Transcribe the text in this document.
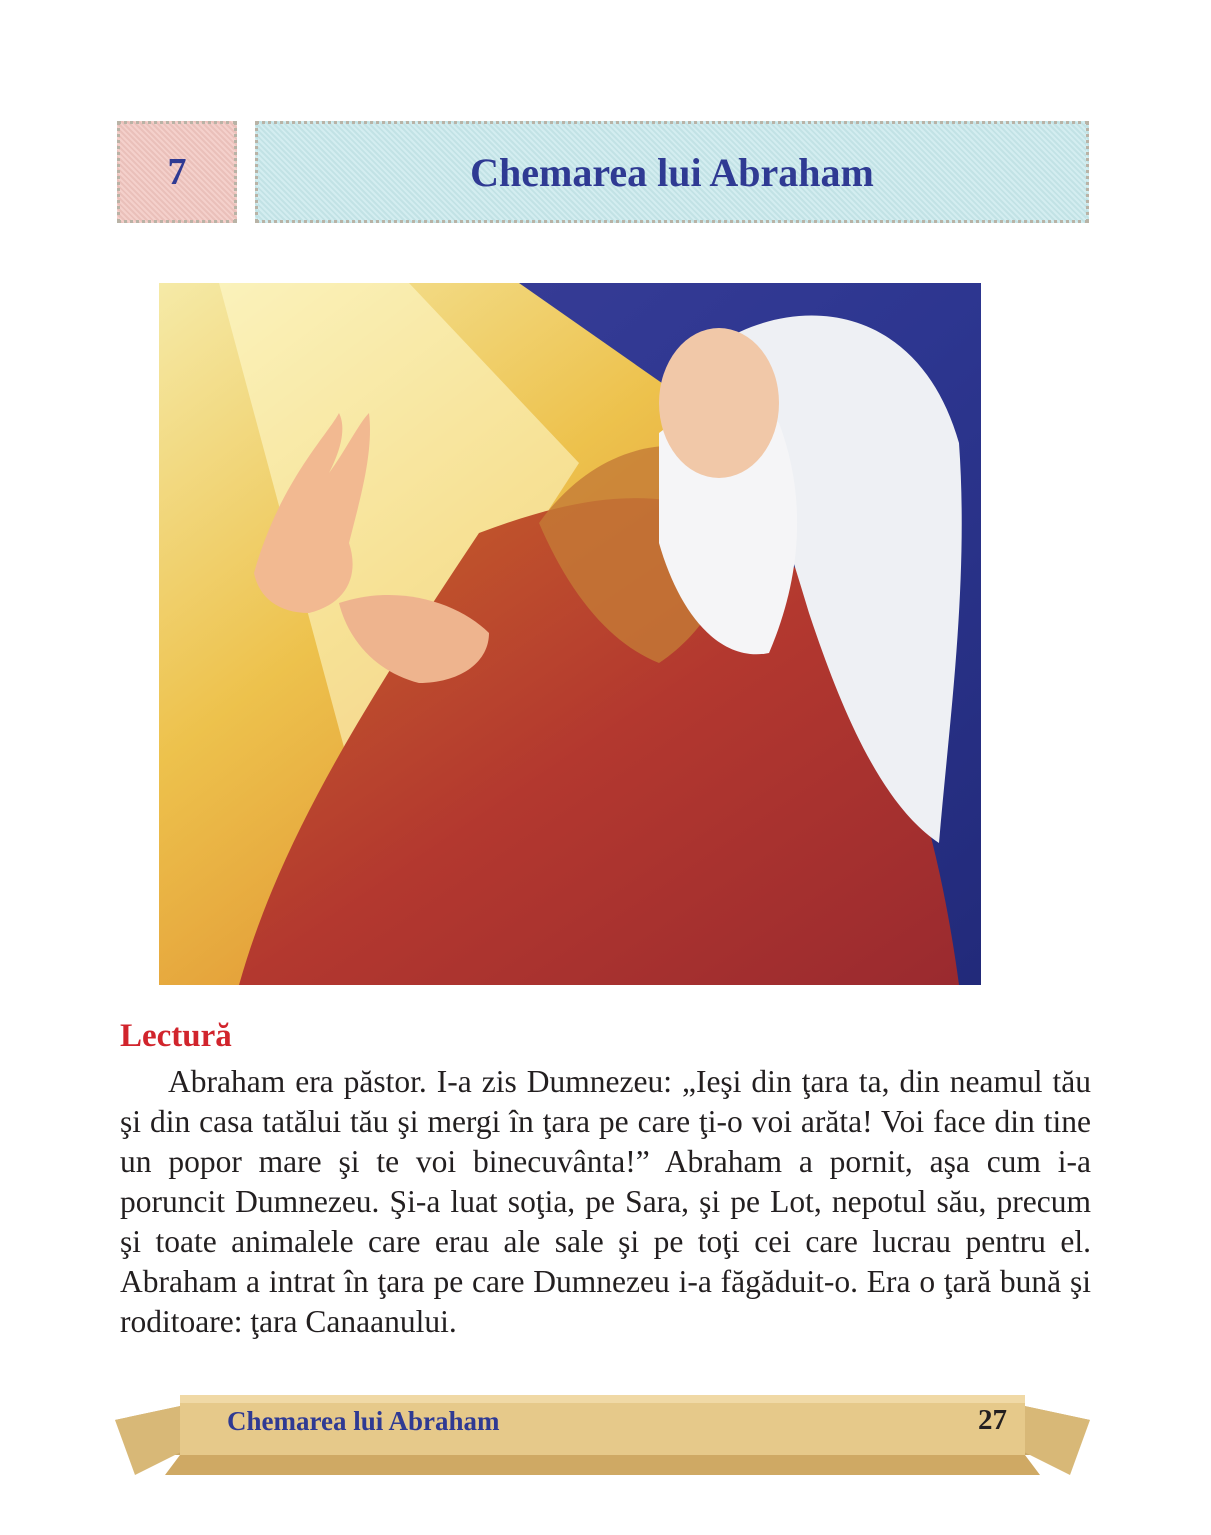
7	Chemarea lui Abraham
Lectură

Abraham era păstor. I-a zis Dumnezeu: „Ieşi din ţara ta, din neamul tău şi din casa tatălui tău şi mergi în ţara pe care ţi-o voi arăta! Voi face din tine un popor mare şi te voi binecuvânta!” Abraham a pornit, aşa cum i-a poruncit Dumnezeu. Şi-a luat soţia, pe Sara, şi pe Lot, nepotul său, precum şi toate animalele care erau ale sale şi pe toţi cei care lucrau pentru el. Abraham a intrat în ţara pe care Dumnezeu i-a făgăduit-o. Era o ţară bună şi roditoare: ţara Canaanului.

Chemarea lui Abraham	27
